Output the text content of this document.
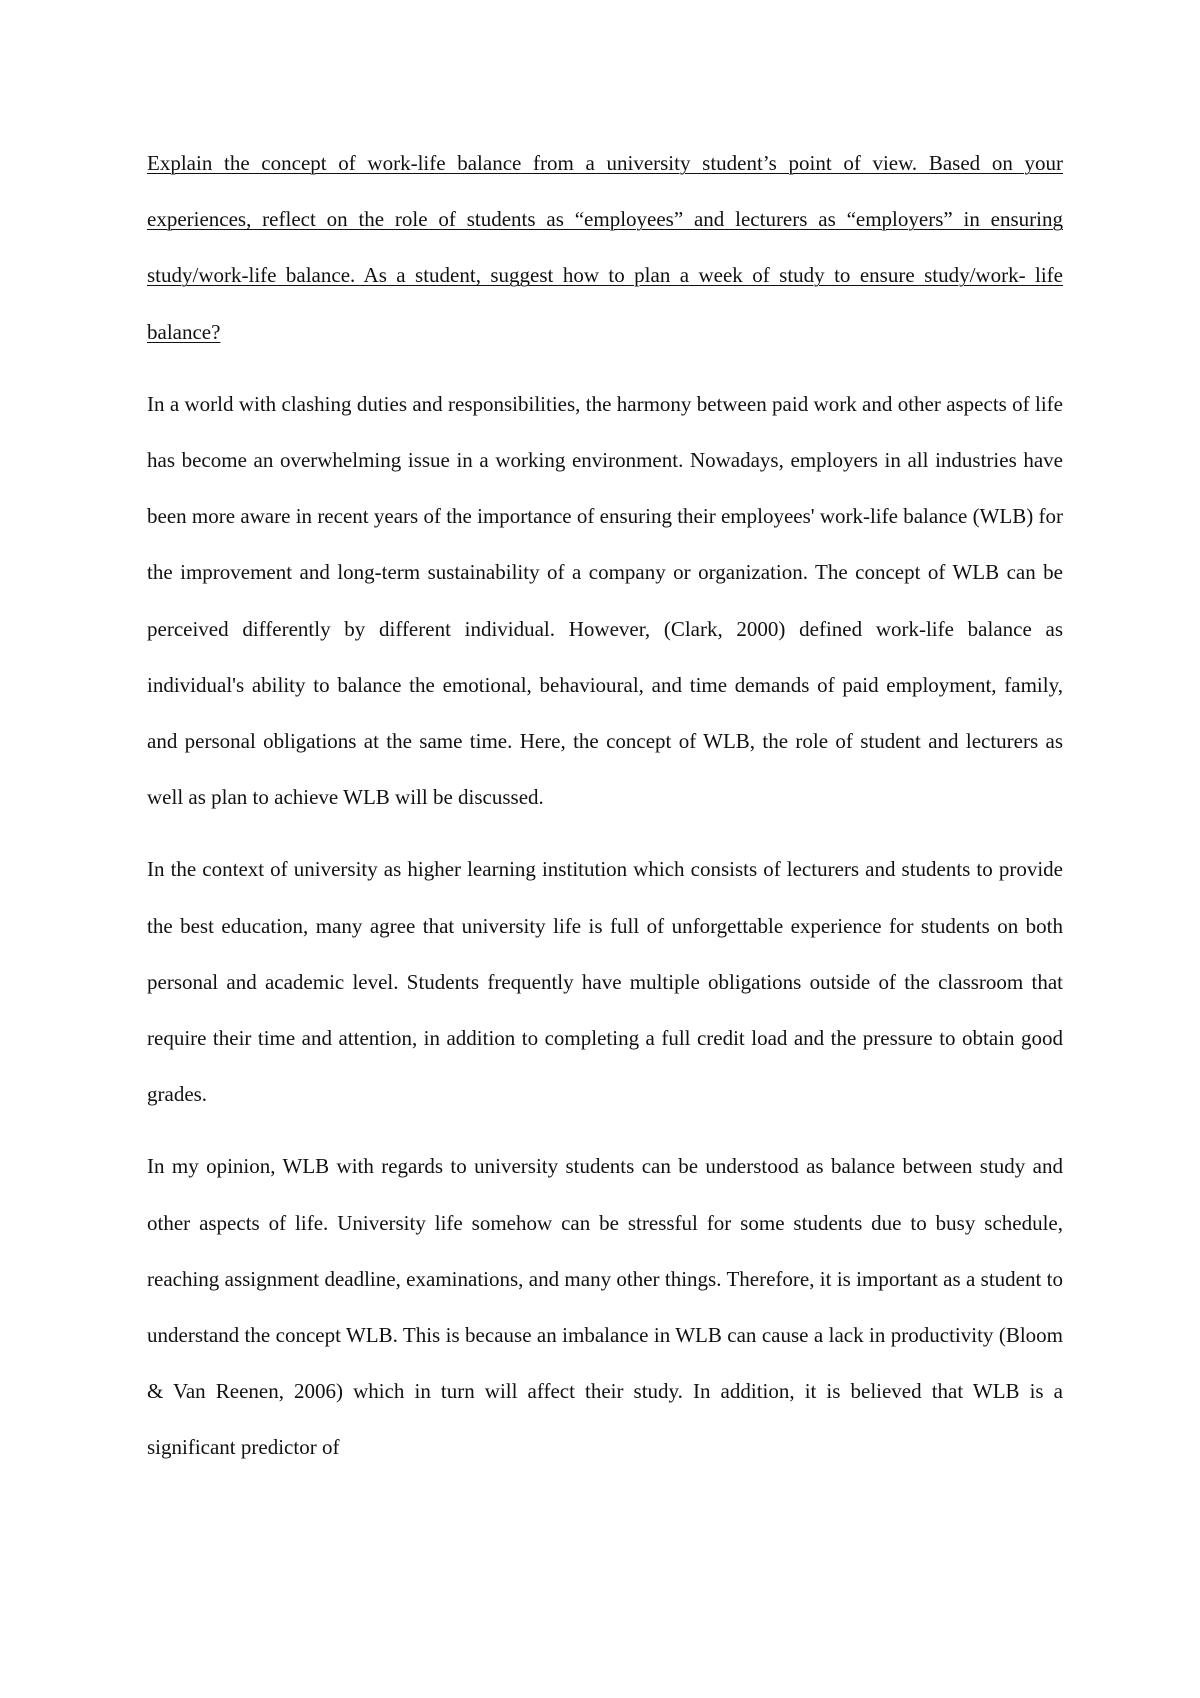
Explain the concept of work-life balance from a university student’s point of view. Based on your experiences, reflect on the role of students as “employees” and lecturers as “employers” in ensuring study/work-life balance. As a student, suggest how to plan a week of study to ensure study/work- life balance?

In a world with clashing duties and responsibilities, the harmony between paid work and other aspects of life has become an overwhelming issue in a working environment. Nowadays, employers in all industries have been more aware in recent years of the importance of ensuring their employees' work-life balance (WLB) for the improvement and long-term sustainability of a company or organization. The concept of WLB can be perceived differently by different individual. However, (Clark, 2000) defined work-life balance as individual's ability to balance the emotional, behavioural, and time demands of paid employment, family, and personal obligations at the same time. Here, the concept of WLB, the role of student and lecturers as well as plan to achieve WLB will be discussed.

In the context of university as higher learning institution which consists of lecturers and students to provide the best education, many agree that university life is full of unforgettable experience for students on both personal and academic level. Students frequently have multiple obligations outside of the classroom that require their time and attention, in addition to completing a full credit load and the pressure to obtain good grades.

In my opinion, WLB with regards to university students can be understood as balance between study and other aspects of life. University life somehow can be stressful for some students due to busy schedule, reaching assignment deadline, examinations, and many other things. Therefore, it is important as a student to understand the concept WLB. This is because an imbalance in WLB can cause a lack in productivity (Bloom & Van Reenen, 2006) which in turn will affect their study. In addition, it is believed that WLB is a significant predictor of
